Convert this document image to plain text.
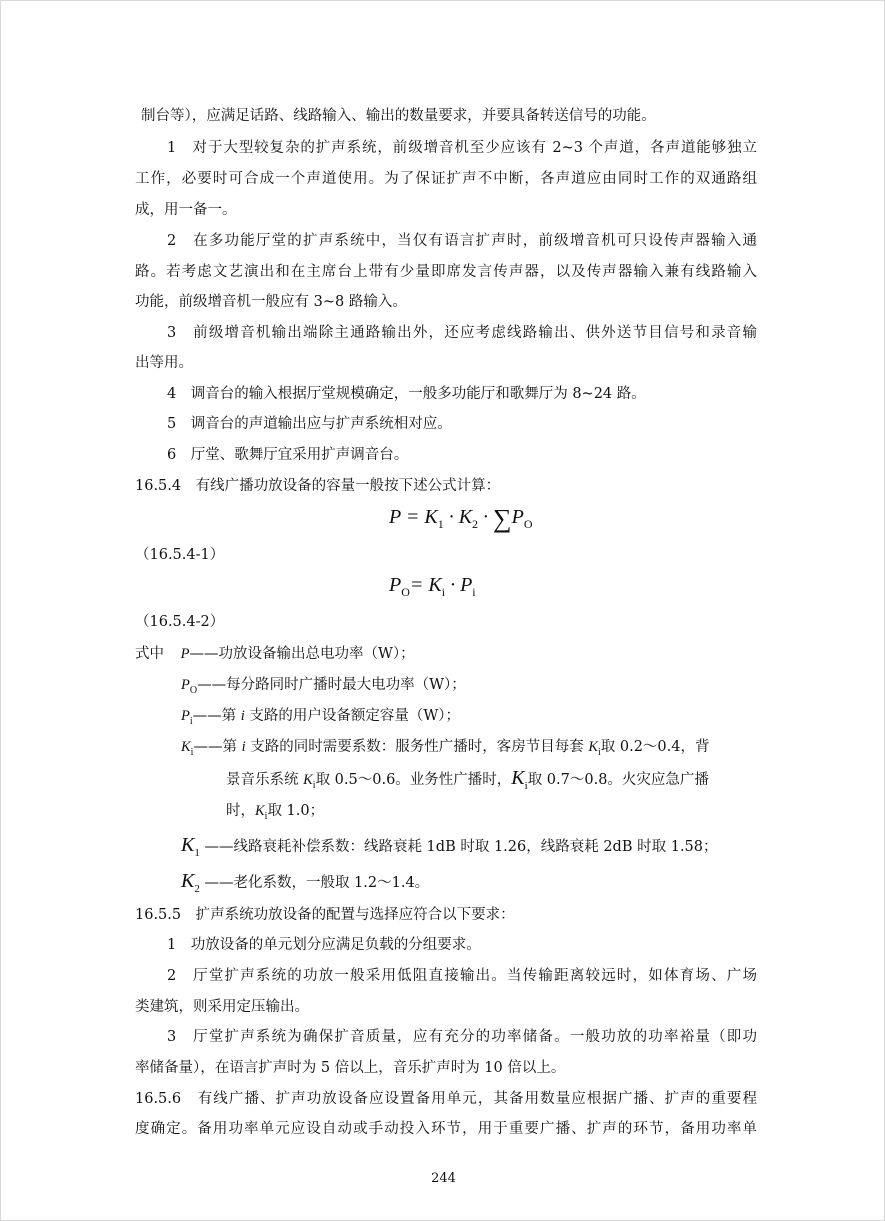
制台等），应满足话路、线路输入、输出的数量要求，并要具备转送信号的功能。
1　对于大型较复杂的扩声系统，前级增音机至少应该有 2~3 个声道，各声道能够独立
工作，必要时可合成一个声道使用。为了保证扩声不中断，各声道应由同时工作的双通路组
成，用一备一。
2　在多功能厅堂的扩声系统中，当仅有语言扩声时，前级增音机可只设传声器输入通
路。若考虑文艺演出和在主席台上带有少量即席发言传声器，以及传声器输入兼有线路输入
功能，前级增音机一般应有 3~8 路输入。
3　前级增音机输出端除主通路输出外，还应考虑线路输出、供外送节目信号和录音输
出等用。
4　调音台的输入根据厅堂规模确定，一般多功能厅和歌舞厅为 8~24 路。
5　调音台的声道输出应与扩声系统相对应。
6　厅堂、歌舞厅宜采用扩声调音台。
16.5.4　有线广播功放设备的容量一般按下述公式计算：
$P = K_1 \cdot K_2 \cdot \sum P_O$
（16.5.4-1）
$P_O= K_i \cdot P_i$
（16.5.4-2）
式中 P——功放设备输出总电功率（W）；
$P_O——$每分路同时广播时最大电功率（W）；
$P_i——$第 i 支路的用户设备额定容量（W）；
$K_i——$第 i 支路的同时需要系数：服务性广播时，客房节目每套 $K_i$取 0.2～0.4，背
景音乐系统 $K_i$取 0.5～0.6。业务性广播时，$K_i$取 0.7～0.8。火灾应急广播
时，$K_i$取 1.0；
$K_1$ ——线路衰耗补偿系数：线路衰耗 1dB 时取 1.26，线路衰耗 2dB 时取 1.58；
$K_2$ ——老化系数，一般取 1.2～1.4。
16.5.5　扩声系统功放设备的配置与选择应符合以下要求：
1　功放设备的单元划分应满足负载的分组要求。
2　厅堂扩声系统的功放一般采用低阻直接输出。当传输距离较远时，如体育场、广场
类建筑，则采用定压输出。
3　厅堂扩声系统为确保扩音质量，应有充分的功率储备。一般功放的功率裕量（即功
率储备量），在语言扩声时为 5 倍以上，音乐扩声时为 10 倍以上。
16.5.6　有线广播、扩声功放设备应设置备用单元，其备用数量应根据广播、扩声的重要程
度确定。备用功率单元应设自动或手动投入环节，用于重要广播、扩声的环节，备用功率单
244
